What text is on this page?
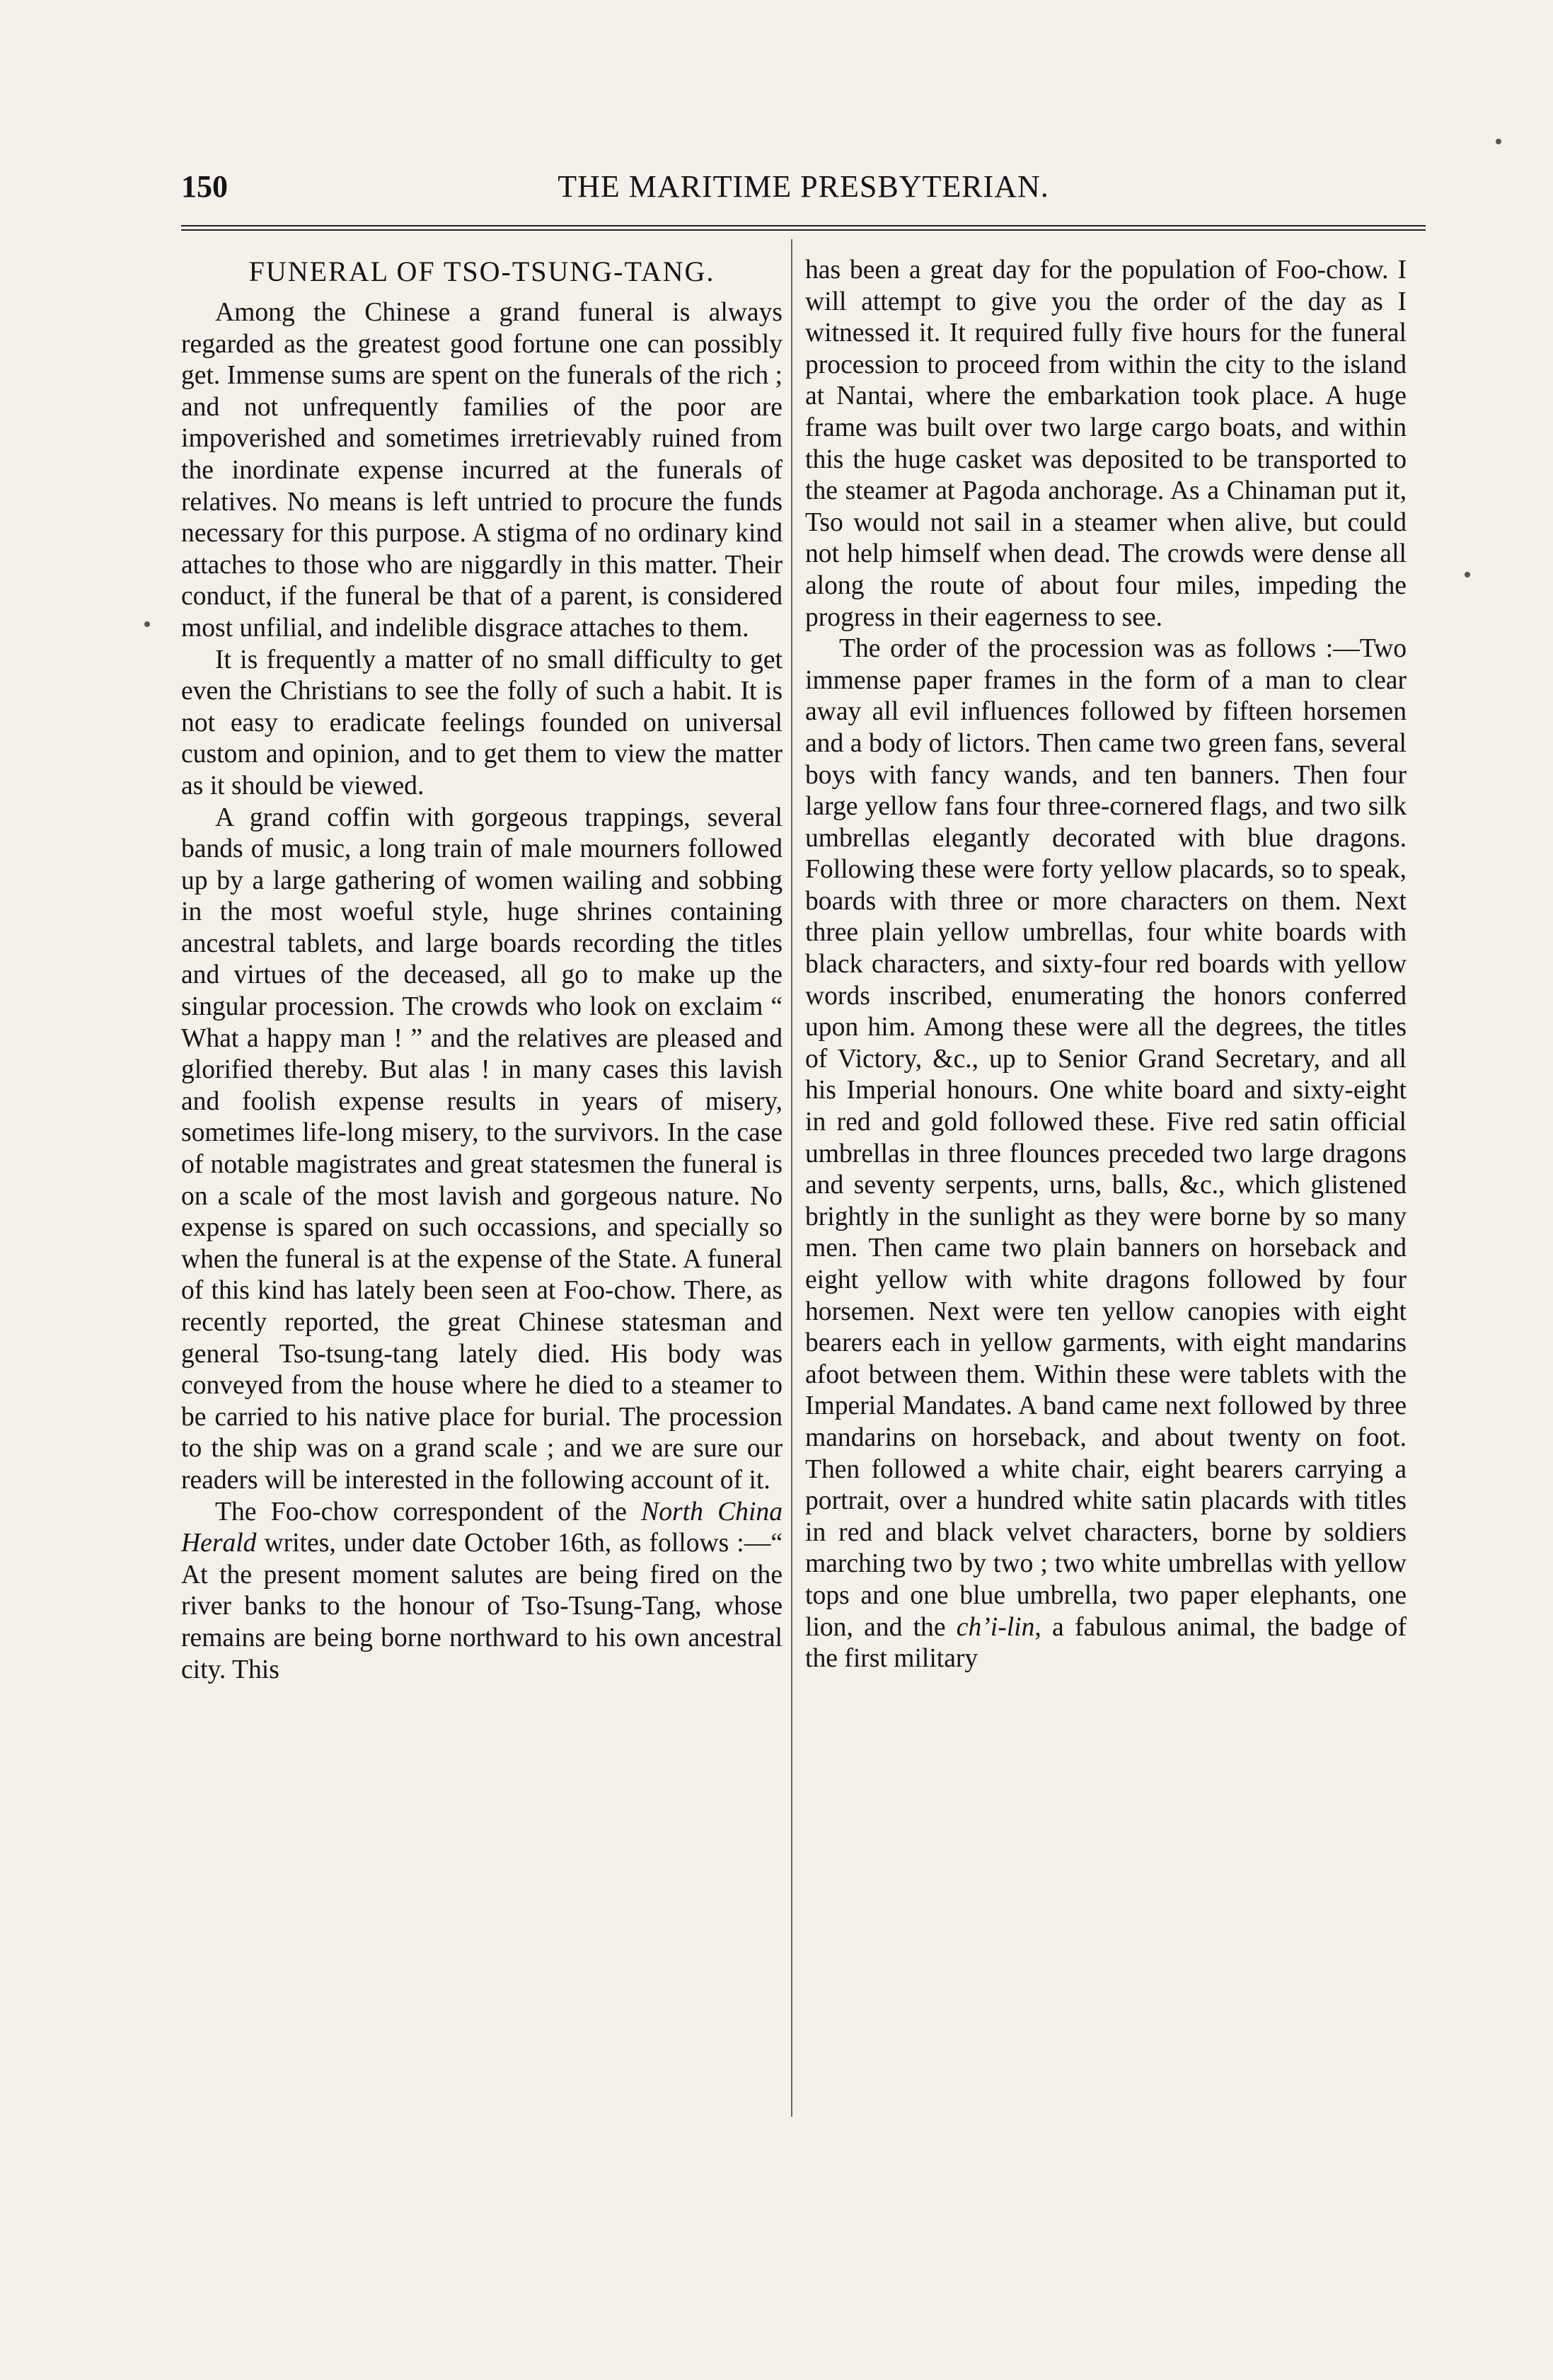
150	THE MARITIME PRESBYTERIAN.
FUNERAL OF TSO-TSUNG-TANG.

Among the Chinese a grand funeral is always regarded as the greatest good fortune one can possibly get. Immense sums are spent on the funerals of the rich ; and not unfrequently families of the poor are impoverished and sometimes irretrievably ruined from the inordinate expense incurred at the funerals of relatives. No means is left untried to procure the funds necessary for this purpose. A stigma of no ordinary kind attaches to those who are niggardly in this matter. Their conduct, if the funeral be that of a parent, is considered most unfilial, and indelible disgrace attaches to them.

It is frequently a matter of no small difficulty to get even the Christians to see the folly of such a habit. It is not easy to eradicate feelings founded on universal custom and opinion, and to get them to view the matter as it should be viewed.

A grand coffin with gorgeous trappings, several bands of music, a long train of male mourners followed up by a large gathering of women wailing and sobbing in the most woeful style, huge shrines containing ancestral tablets, and large boards recording the titles and virtues of the deceased, all go to make up the singular procession. The crowds who look on exclaim “ What a happy man ! ” and the relatives are pleased and glorified thereby. But alas ! in many cases this lavish and foolish expense results in years of misery, sometimes life-long misery, to the survivors. In the case of notable magistrates and great statesmen the funeral is on a scale of the most lavish and gorgeous nature. No expense is spared on such occassions, and specially so when the funeral is at the expense of the State. A funeral of this kind has lately been seen at Foo-chow. There, as recently reported, the great Chinese statesman and general Tso-tsung-tang lately died. His body was conveyed from the house where he died to a steamer to be carried to his native place for burial. The procession to the ship was on a grand scale ; and we are sure our readers will be interested in the following account of it.

The Foo-chow correspondent of the North China Herald writes, under date October 16th, as follows :—“ At the present moment salutes are being fired on the river banks to the honour of Tso-Tsung-Tang, whose remains are being borne northward to his own ancestral city. This

has been a great day for the population of Foo-chow. I will attempt to give you the order of the day as I witnessed it. It required fully five hours for the funeral procession to proceed from within the city to the island at Nantai, where the embarkation took place. A huge frame was built over two large cargo boats, and within this the huge casket was deposited to be transported to the steamer at Pagoda anchorage. As a Chinaman put it, Tso would not sail in a steamer when alive, but could not help himself when dead. The crowds were dense all along the route of about four miles, impeding the progress in their eagerness to see.

The order of the procession was as follows :—Two immense paper frames in the form of a man to clear away all evil influences followed by fifteen horsemen and a body of lictors. Then came two green fans, several boys with fancy wands, and ten banners. Then four large yellow fans four three-cornered flags, and two silk umbrellas elegantly decorated with blue dragons. Following these were forty yellow placards, so to speak, boards with three or more characters on them. Next three plain yellow umbrellas, four white boards with black characters, and sixty-four red boards with yellow words inscribed, enumerating the honors conferred upon him. Among these were all the degrees, the titles of Victory, &c., up to Senior Grand Secretary, and all his Imperial honours. One white board and sixty-eight in red and gold followed these. Five red satin official umbrellas in three flounces preceded two large dragons and seventy serpents, urns, balls, &c., which glistened brightly in the sunlight as they were borne by so many men. Then came two plain banners on horseback and eight yellow with white dragons followed by four horsemen. Next were ten yellow canopies with eight bearers each in yellow garments, with eight mandarins afoot between them. Within these were tablets with the Imperial Mandates. A band came next followed by three mandarins on horseback, and about twenty on foot. Then followed a white chair, eight bearers carrying a portrait, over a hundred white satin placards with titles in red and black velvet characters, borne by soldiers marching two by two ; two white umbrellas with yellow tops and one blue umbrella, two paper elephants, one lion, and the ch’i-lin, a fabulous animal, the badge of the first military
